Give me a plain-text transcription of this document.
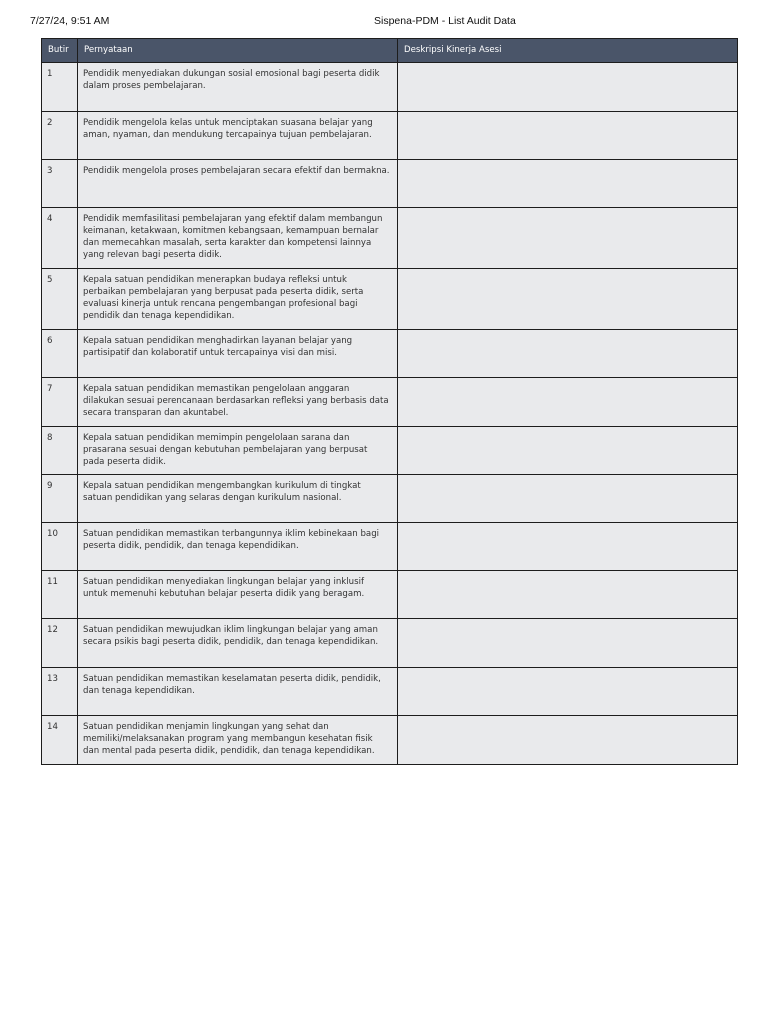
7/27/24, 9:51 AM	Sispena-PDM - List Audit Data
Butir	Pernyataan	Deskripsi Kinerja Asesi
1	Pendidik menyediakan dukungan sosial emosional bagi peserta didik dalam proses pembelajaran.	
2	Pendidik mengelola kelas untuk menciptakan suasana belajar yang aman, nyaman, dan mendukung tercapainya tujuan pembelajaran.	
3	Pendidik mengelola proses pembelajaran secara efektif dan bermakna.	
4	Pendidik memfasilitasi pembelajaran yang efektif dalam membangun keimanan, ketakwaan, komitmen kebangsaan, kemampuan bernalar dan memecahkan masalah, serta karakter dan kompetensi lainnya yang relevan bagi peserta didik.	
5	Kepala satuan pendidikan menerapkan budaya refleksi untuk perbaikan pembelajaran yang berpusat pada peserta didik, serta evaluasi kinerja untuk rencana pengembangan profesional bagi pendidik dan tenaga kependidikan.	
6	Kepala satuan pendidikan menghadirkan layanan belajar yang partisipatif dan kolaboratif untuk tercapainya visi dan misi.	
7	Kepala satuan pendidikan memastikan pengelolaan anggaran dilakukan sesuai perencanaan berdasarkan refleksi yang berbasis data secara transparan dan akuntabel.	
8	Kepala satuan pendidikan memimpin pengelolaan sarana dan prasarana sesuai dengan kebutuhan pembelajaran yang berpusat pada peserta didik.	
9	Kepala satuan pendidikan mengembangkan kurikulum di tingkat satuan pendidikan yang selaras dengan kurikulum nasional.	
10	Satuan pendidikan memastikan terbangunnya iklim kebinekaan bagi peserta didik, pendidik, dan tenaga kependidikan.	
11	Satuan pendidikan menyediakan lingkungan belajar yang inklusif untuk memenuhi kebutuhan belajar peserta didik yang beragam.	
12	Satuan pendidikan mewujudkan iklim lingkungan belajar yang aman secara psikis bagi peserta didik, pendidik, dan tenaga kependidikan.	
13	Satuan pendidikan memastikan keselamatan peserta didik, pendidik, dan tenaga kependidikan.	
14	Satuan pendidikan menjamin lingkungan yang sehat dan memiliki/melaksanakan program yang membangun kesehatan fisik dan mental pada peserta didik, pendidik, dan tenaga kependidikan.	
